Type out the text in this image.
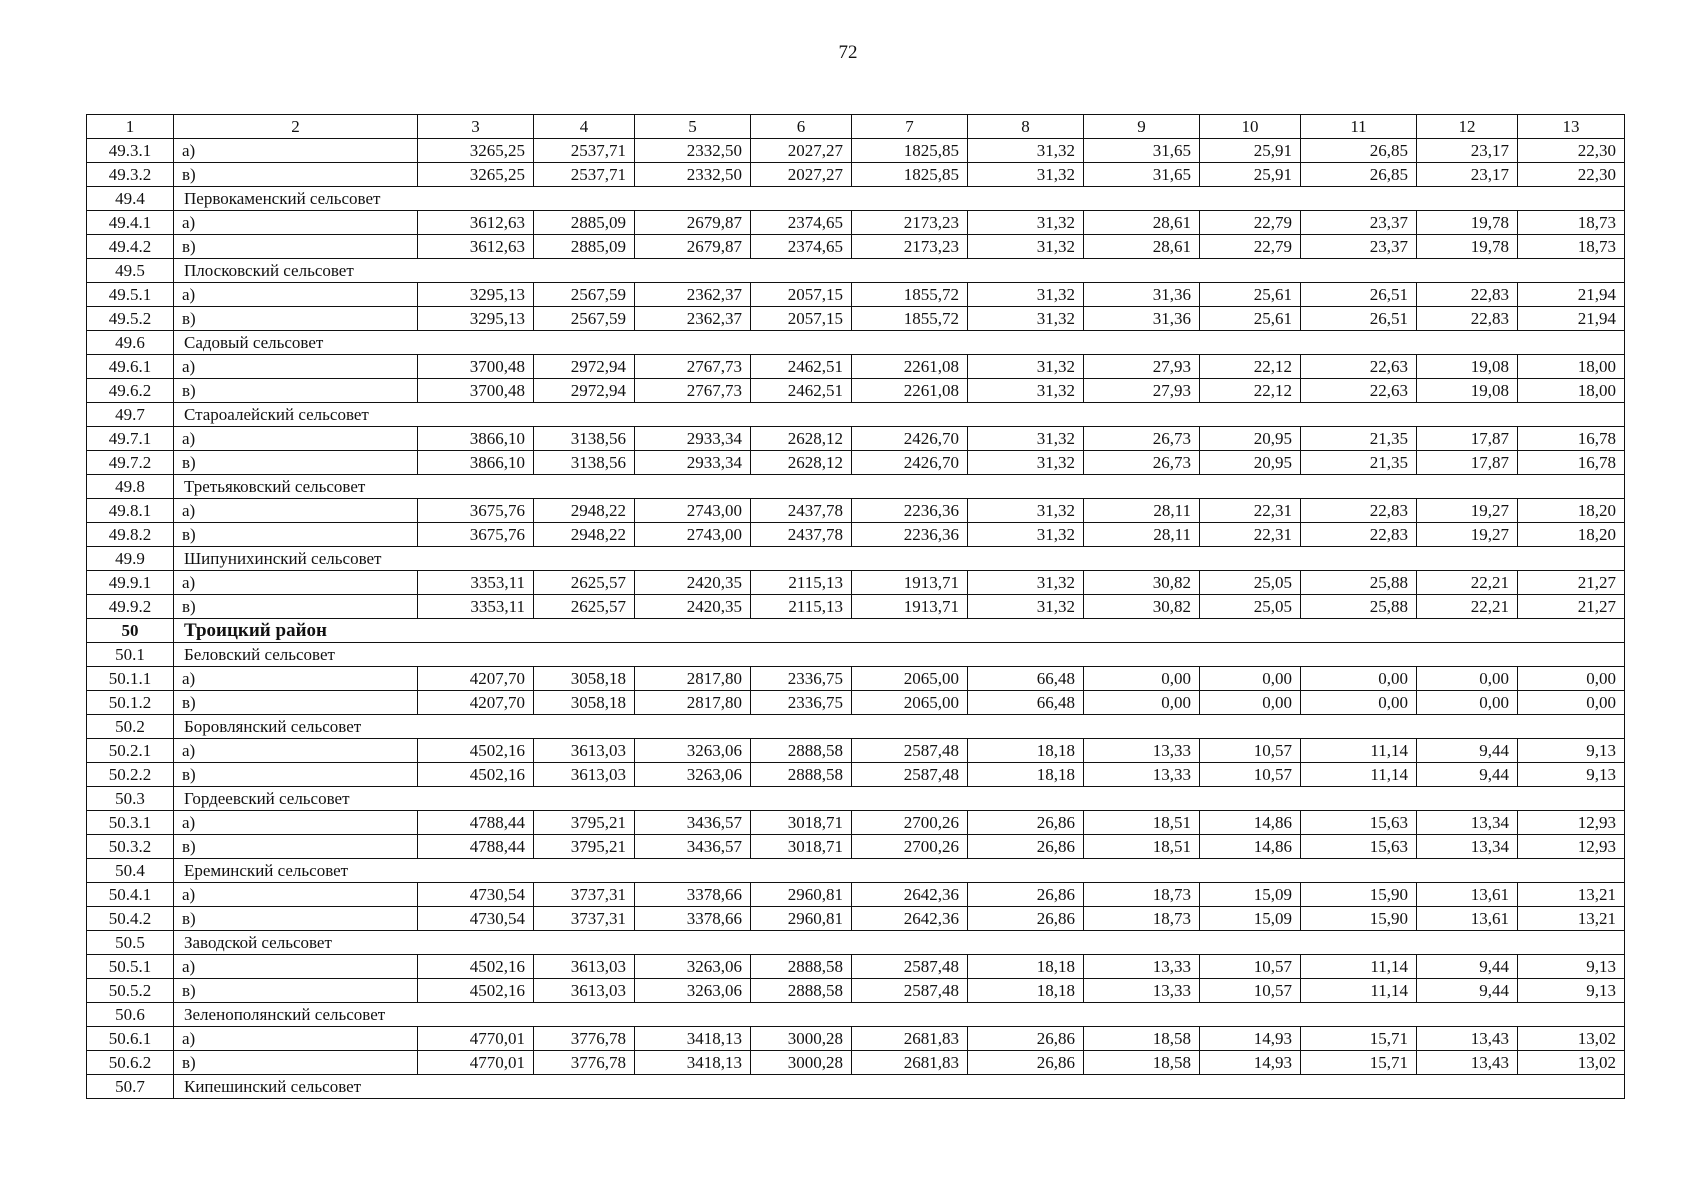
72
1	2	3	4	5	6	7	8	9	10	11	12	13
49.3.1	а)	3265,25	2537,71	2332,50	2027,27	1825,85	31,32	31,65	25,91	26,85	23,17	22,30
49.3.2	в)	3265,25	2537,71	2332,50	2027,27	1825,85	31,32	31,65	25,91	26,85	23,17	22,30
49.4	Первокаменский сельсовет											
49.4.1	а)	3612,63	2885,09	2679,87	2374,65	2173,23	31,32	28,61	22,79	23,37	19,78	18,73
49.4.2	в)	3612,63	2885,09	2679,87	2374,65	2173,23	31,32	28,61	22,79	23,37	19,78	18,73
49.5	Плосковский сельсовет											
49.5.1	а)	3295,13	2567,59	2362,37	2057,15	1855,72	31,32	31,36	25,61	26,51	22,83	21,94
49.5.2	в)	3295,13	2567,59	2362,37	2057,15	1855,72	31,32	31,36	25,61	26,51	22,83	21,94
49.6	Садовый сельсовет											
49.6.1	а)	3700,48	2972,94	2767,73	2462,51	2261,08	31,32	27,93	22,12	22,63	19,08	18,00
49.6.2	в)	3700,48	2972,94	2767,73	2462,51	2261,08	31,32	27,93	22,12	22,63	19,08	18,00
49.7	Староалейский сельсовет											
49.7.1	а)	3866,10	3138,56	2933,34	2628,12	2426,70	31,32	26,73	20,95	21,35	17,87	16,78
49.7.2	в)	3866,10	3138,56	2933,34	2628,12	2426,70	31,32	26,73	20,95	21,35	17,87	16,78
49.8	Третьяковский сельсовет											
49.8.1	а)	3675,76	2948,22	2743,00	2437,78	2236,36	31,32	28,11	22,31	22,83	19,27	18,20
49.8.2	в)	3675,76	2948,22	2743,00	2437,78	2236,36	31,32	28,11	22,31	22,83	19,27	18,20
49.9	Шипунихинский сельсовет											
49.9.1	а)	3353,11	2625,57	2420,35	2115,13	1913,71	31,32	30,82	25,05	25,88	22,21	21,27
49.9.2	в)	3353,11	2625,57	2420,35	2115,13	1913,71	31,32	30,82	25,05	25,88	22,21	21,27
50	Троицкий район											
50.1	Беловский сельсовет											
50.1.1	а)	4207,70	3058,18	2817,80	2336,75	2065,00	66,48	0,00	0,00	0,00	0,00	0,00
50.1.2	в)	4207,70	3058,18	2817,80	2336,75	2065,00	66,48	0,00	0,00	0,00	0,00	0,00
50.2	Боровлянский сельсовет											
50.2.1	а)	4502,16	3613,03	3263,06	2888,58	2587,48	18,18	13,33	10,57	11,14	9,44	9,13
50.2.2	в)	4502,16	3613,03	3263,06	2888,58	2587,48	18,18	13,33	10,57	11,14	9,44	9,13
50.3	Гордеевский сельсовет											
50.3.1	а)	4788,44	3795,21	3436,57	3018,71	2700,26	26,86	18,51	14,86	15,63	13,34	12,93
50.3.2	в)	4788,44	3795,21	3436,57	3018,71	2700,26	26,86	18,51	14,86	15,63	13,34	12,93
50.4	Ереминский сельсовет											
50.4.1	а)	4730,54	3737,31	3378,66	2960,81	2642,36	26,86	18,73	15,09	15,90	13,61	13,21
50.4.2	в)	4730,54	3737,31	3378,66	2960,81	2642,36	26,86	18,73	15,09	15,90	13,61	13,21
50.5	Заводской сельсовет											
50.5.1	а)	4502,16	3613,03	3263,06	2888,58	2587,48	18,18	13,33	10,57	11,14	9,44	9,13
50.5.2	в)	4502,16	3613,03	3263,06	2888,58	2587,48	18,18	13,33	10,57	11,14	9,44	9,13
50.6	Зеленополянский сельсовет											
50.6.1	а)	4770,01	3776,78	3418,13	3000,28	2681,83	26,86	18,58	14,93	15,71	13,43	13,02
50.6.2	в)	4770,01	3776,78	3418,13	3000,28	2681,83	26,86	18,58	14,93	15,71	13,43	13,02
50.7	Кипешинский сельсовет											
